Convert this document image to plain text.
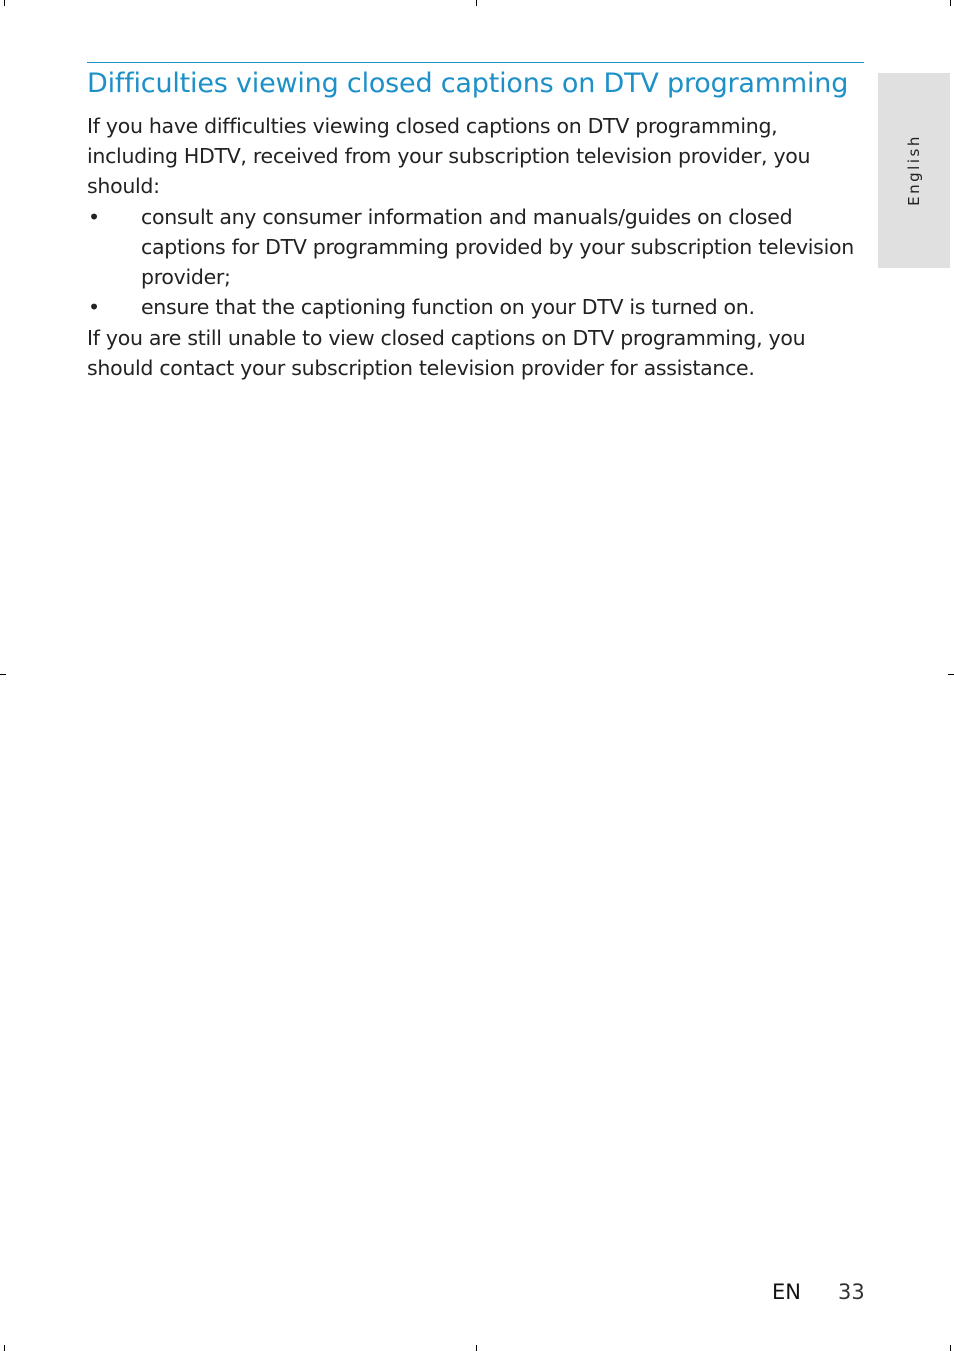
Difficulties viewing closed captions on DTV programming

If you have difficulties viewing closed captions on DTV programming, including HDTV, received from your subscription television provider, you should:

• consult any consumer information and manuals/guides on closed captions for DTV programming provided by your subscription television provider;
• ensure that the captioning function on your DTV is turned on.

If you are still unable to view closed captions on DTV programming, you should contact your subscription television provider for assistance.

English
EN 33
